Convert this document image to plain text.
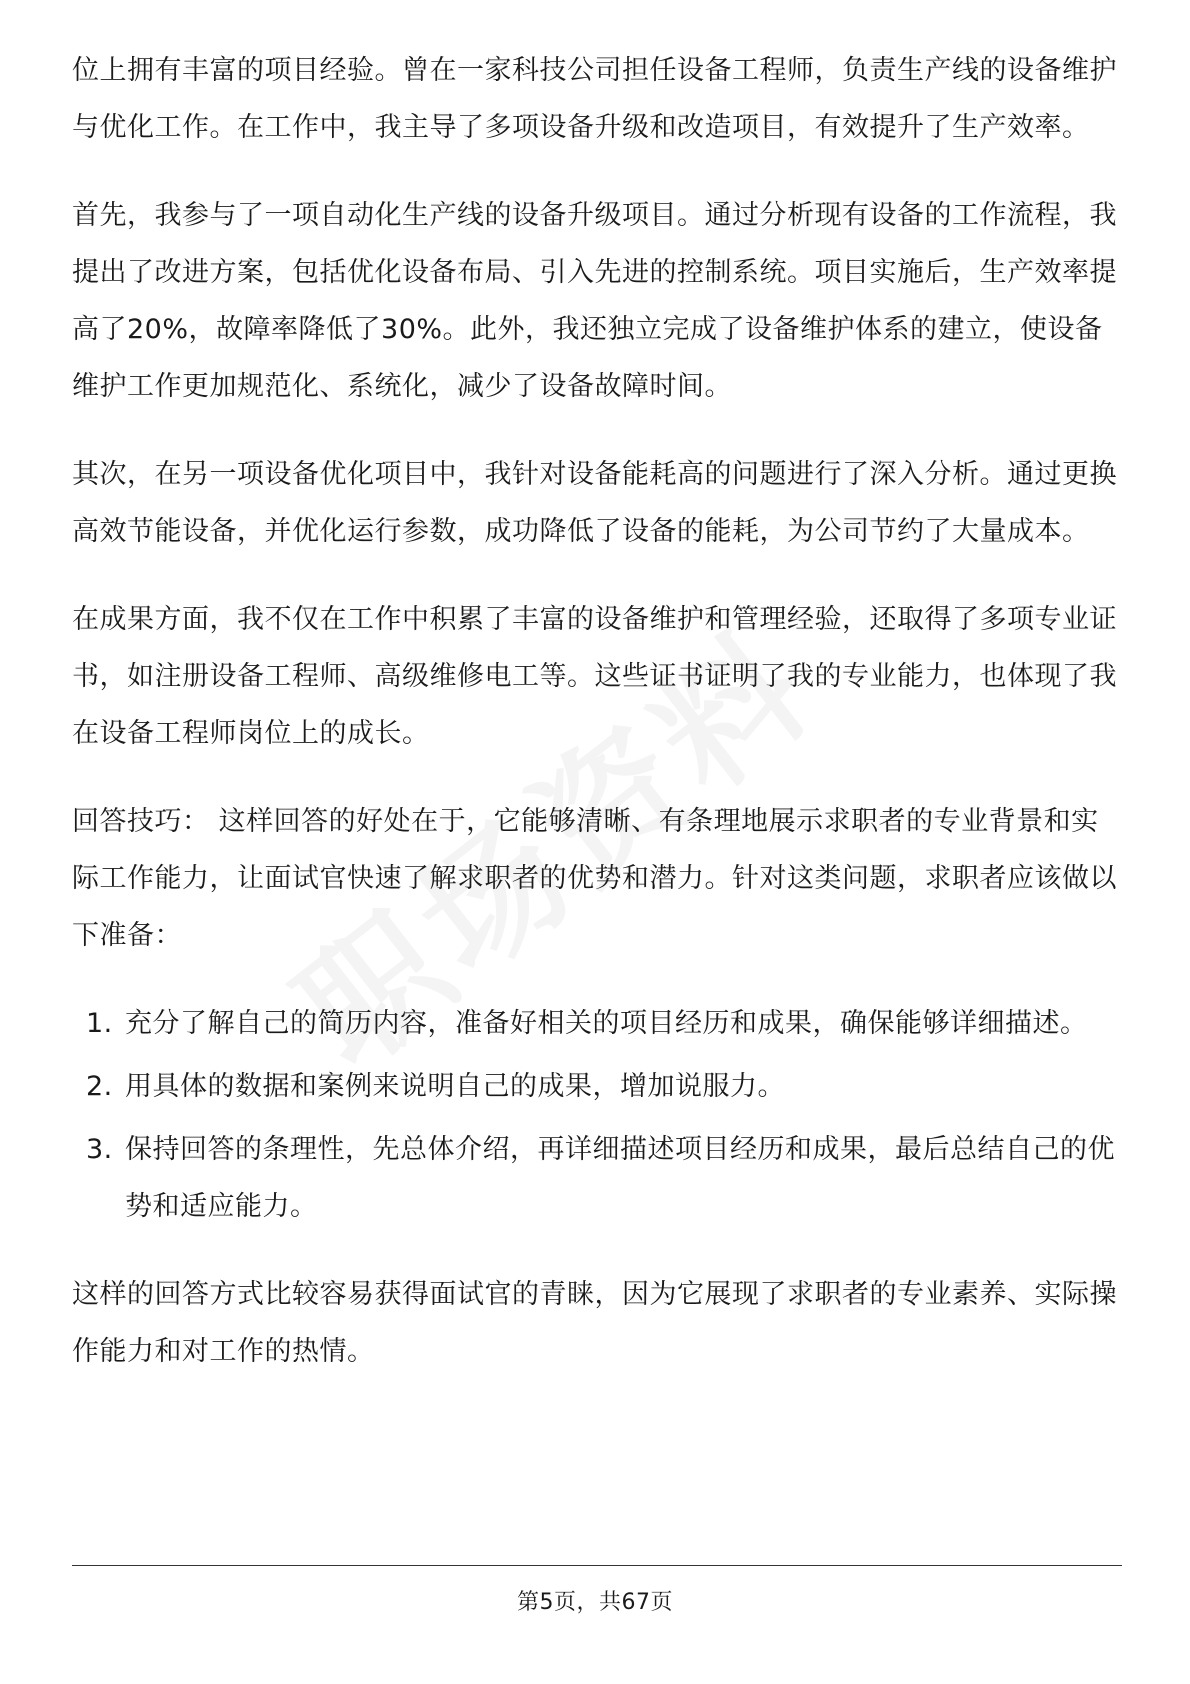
位上拥有丰富的项目经验。曾在一家科技公司担任设备工程师，负责生产线的设备维护与优化工作。在工作中，我主导了多项设备升级和改造项目，有效提升了生产效率。

首先，我参与了一项自动化生产线的设备升级项目。通过分析现有设备的工作流程，我提出了改进方案，包括优化设备布局、引入先进的控制系统。项目实施后，生产效率提高了20%，故障率降低了30%。此外，我还独立完成了设备维护体系的建立，使设备维护工作更加规范化、系统化，减少了设备故障时间。

其次，在另一项设备优化项目中，我针对设备能耗高的问题进行了深入分析。通过更换高效节能设备，并优化运行参数，成功降低了设备的能耗，为公司节约了大量成本。

在成果方面，我不仅在工作中积累了丰富的设备维护和管理经验，还取得了多项专业证书，如注册设备工程师、高级维修电工等。这些证书证明了我的专业能力，也体现了我在设备工程师岗位上的成长。

回答技巧： 这样回答的好处在于，它能够清晰、有条理地展示求职者的专业背景和实际工作能力，让面试官快速了解求职者的优势和潜力。针对这类问题，求职者应该做以下准备：

1. 充分了解自己的简历内容，准备好相关的项目经历和成果，确保能够详细描述。
2. 用具体的数据和案例来说明自己的成果，增加说服力。
3. 保持回答的条理性，先总体介绍，再详细描述项目经历和成果，最后总结自己的优势和适应能力。

这样的回答方式比较容易获得面试官的青睐，因为它展现了求职者的专业素养、实际操作能力和对工作的热情。

第5页，共67页
